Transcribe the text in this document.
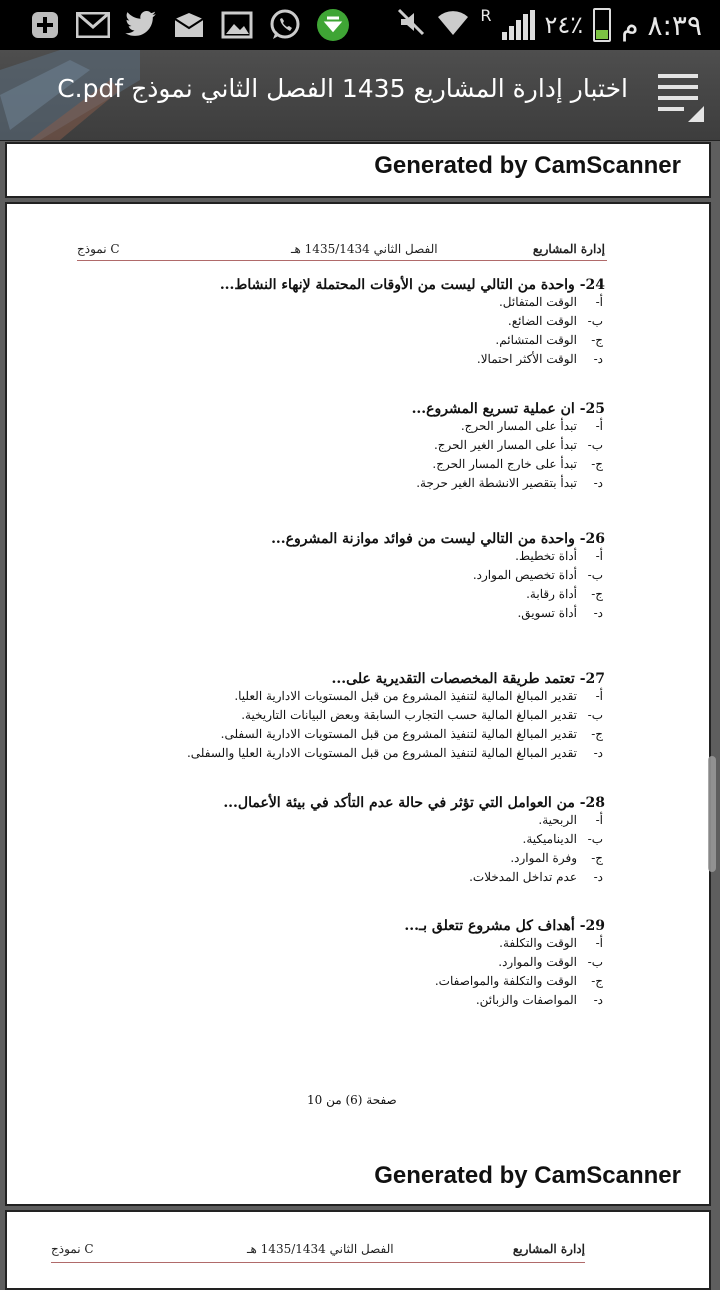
R ٢٤٪ ٨:٣٩ م
اختبار إدارة المشاريع 1435 الفصل الثاني نموذج C.pdf
Generated by CamScanner
إدارة المشاريع
الفصل الثاني 1435/1434 هـ
نموذج C
24- واحدة من التالي ليست من الأوقات المحتملة لإنهاء النشاط...
أ-الوقت المتفائل.
ب-الوقت الضائع.
ج-الوقت المتشائم.
د-الوقت الأكثر احتمالا.
25- ان عملية تسريع المشروع...
أ-تبدأ على المسار الحرج.
ب-تبدأ على المسار الغير الحرج.
ج-تبدأ على خارج المسار الحرج.
د-تبدأ بتقصير الانشطة الغير حرجة.
26- واحدة من التالي ليست من فوائد موازنة المشروع...
أ-أداة تخطيط.
ب-أداة تخصيص الموارد.
ج-أداة رقابة.
د-أداة تسويق.
27- تعتمد طريقة المخصصات التقديرية على...
أ-تقدير المبالغ المالية لتنفيذ المشروع من قبل المستويات الادارية العليا.
ب-تقدير المبالغ المالية حسب التجارب السابقة وبعض البيانات التاريخية.
ج-تقدير المبالغ المالية لتنفيذ المشروع من قبل المستويات الادارية السفلى.
د-تقدير المبالغ المالية لتنفيذ المشروع من قبل المستويات الادارية العليا والسفلى.
28- من العوامل التي تؤثر في حالة عدم التأكد في بيئة الأعمال...
أ-الربحية.
ب-الديناميكية.
ج-وفرة الموارد.
د-عدم تداخل المدخلات.
29- أهداف كل مشروع تتعلق بـ...
أ-الوقت والتكلفة.
ب-الوقت والموارد.
ج-الوقت والتكلفة والمواصفات.
د-المواصفات والزبائن.
صفحة (6) من 10
Generated by CamScanner
إدارة المشاريع
الفصل الثاني 1435/1434 هـ
نموذج C
